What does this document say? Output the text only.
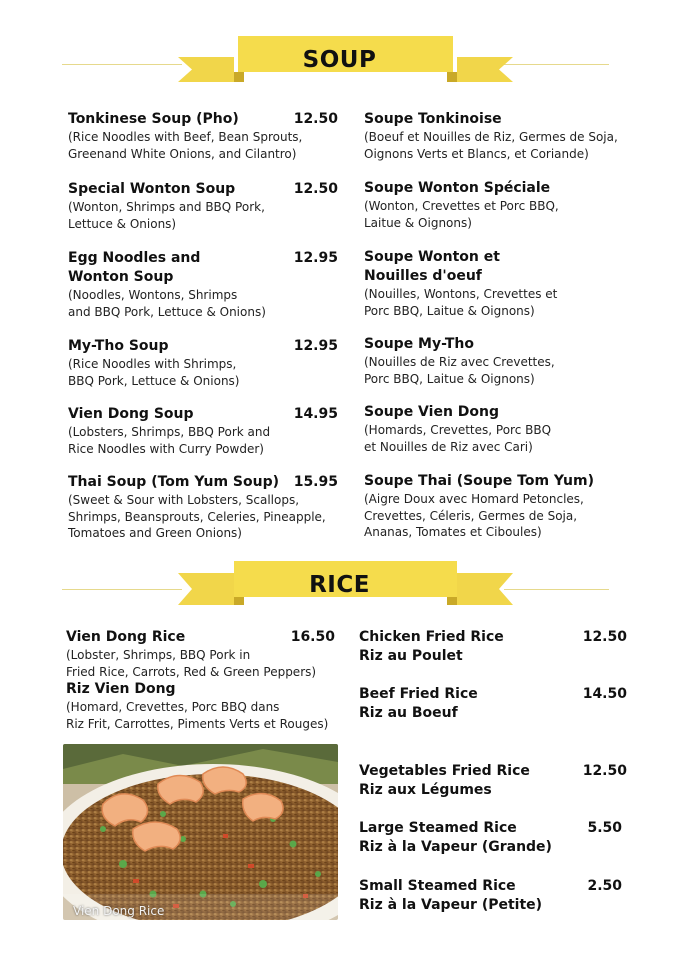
SOUP
Tonkinese Soup (Pho)	12.50
(Rice Noodles with Beef, Bean Sprouts,
Greenand White Onions, and Cilantro)
Special Wonton Soup	12.50
(Wonton, Shrimps and BBQ Pork,
Lettuce & Onions)
Egg Noodles and
Wonton Soup
12.95
(Noodles, Wontons, Shrimps
and BBQ Pork, Lettuce & Onions)
My-Tho Soup	12.95
(Rice Noodles with Shrimps,
BBQ Pork, Lettuce & Onions)
Vien Dong Soup	14.95
(Lobsters, Shrimps, BBQ Pork and
Rice Noodles with Curry Powder)
Thai Soup (Tom Yum Soup)	15.95
(Sweet & Sour with Lobsters, Scallops,
Shrimps, Beansprouts, Celeries, Pineapple,
Tomatoes and Green Onions)
Soupe Tonkinoise
(Boeuf et Nouilles de Riz, Germes de Soja,
Oignons Verts et Blancs, et Coriande)
Soupe Wonton Spéciale
(Wonton, Crevettes et Porc BBQ,
Laitue & Oignons)
Soupe Wonton et
Nouilles d'oeuf
(Nouilles, Wontons, Crevettes et
Porc BBQ, Laitue & Oignons)
Soupe My-Tho
(Nouilles de Riz avec Crevettes,
Porc BBQ, Laitue & Oignons)
Soupe Vien Dong
(Homards, Crevettes, Porc BBQ
et Nouilles de Riz avec Cari)
Soupe Thai (Soupe Tom Yum)
(Aigre Doux avec Homard Petoncles,
Crevettes, Céleris, Germes de Soja,
Ananas, Tomates et Ciboules)
RICE
Vien Dong Rice	16.50
(Lobster, Shrimps, BBQ Pork in
Fried Rice, Carrots, Red & Green Peppers)
Riz Vien Dong
(Homard, Crevettes, Porc BBQ dans
Riz Frit, Carrottes, Piments Verts et Rouges)
Vien Dong Rice
Chicken Fried Rice
Riz au Poulet
12.50
Beef Fried Rice
Riz au Boeuf
14.50
Vegetables Fried Rice
Riz aux Légumes
12.50
Large Steamed Rice
Riz à la Vapeur (Grande)
5.50
Small Steamed Rice
Riz à la Vapeur (Petite)
2.50
